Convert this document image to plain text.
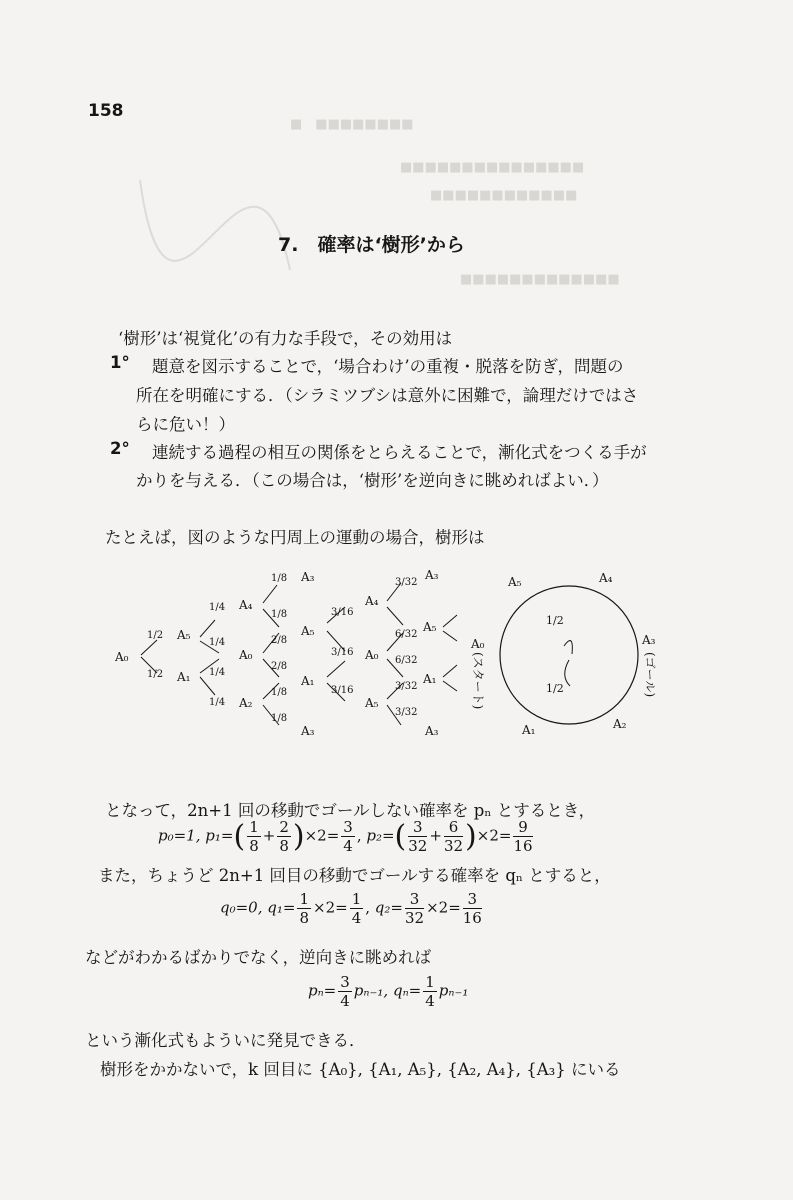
■　■■■■■■■■
■■■■■■■■■■■■■■■
■■■■■■■■■■■■
■■■■■■■■■■■■■
158
7.　確率は‘樹形’から
‘樹形’は‘視覚化’の有力な手段で，その効用は
1° 題意を図示することで，‘場合わけ’の重複・脱落を防ぎ，問題の
所在を明確にする．（シラミツブシは意外に困難で，論理だけではさ
らに危い！）
2° 連続する過程の相互の関係をとらえることで，漸化式をつくる手が
かりを与える．（この場合は，‘樹形’を逆向きに眺めればよい．）
たとえば，図のような円周上の運動の場合，樹形は
A₀
A₁
A₅
A₀
A₂
A₄
A₃
A₁
A₅
A₃
A₃
A₄
A₅
A₀
A₁
A₅
A₃
1/2
1/2
1/4
1/4
1/4
1/4
1/8
1/8
2/8
2/8
1/8
1/8
3/32
3/16
6/32
3/16
6/32
3/16	3/32
3/32
A₅	A₄
A₀	A₃
A₁	A₂
(スタート)	(ゴール)
1/2
1/2
となって，2n+1 回の移動でゴールしない確率を pₙ とするとき，
p₀=1, $p_1=( \frac{1}{8} + \frac{2}{8} )\times 2= \frac{3}{4}$ , $p_2=( \frac{3}{32} + \frac{6}{32} )\times 2= \frac{9}{16}$
また，ちょうど 2n+1 回目の移動でゴールする確率を qₙ とすると，
q₀=0, $q_1= \frac{1}{8} \times 2= \frac{1}{4}$ , $q_2= \frac{3}{32} \times 2= \frac{3}{16}$
などがわかるばかりでなく，逆向きに眺めれば
$p_n= \frac{3}{4} p_{n-1}$, $q_n= \frac{1}{4} p_{n-1}$
という漸化式もよういに発見できる．
樹形をかかないで，k 回目に {A₀}, {A₁, A₅}, {A₂, A₄}, {A₃} にいる
